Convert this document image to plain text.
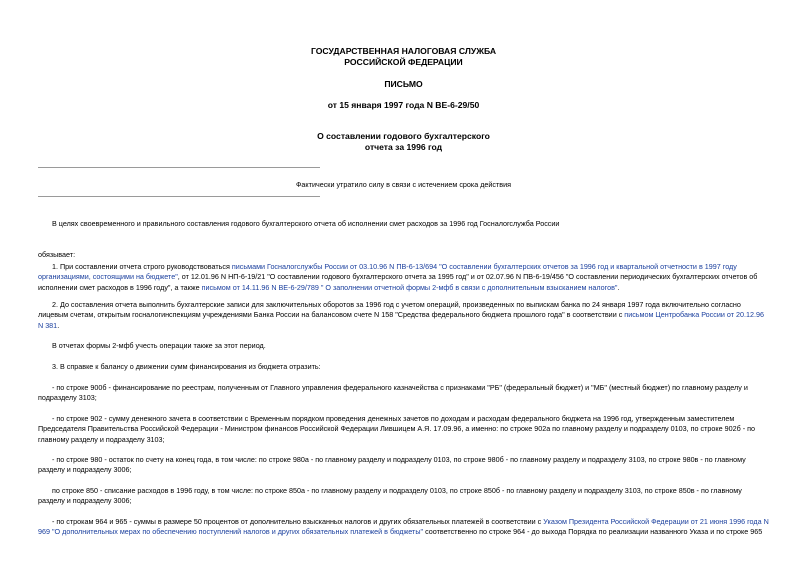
ГОСУДАРСТВЕННАЯ НАЛОГОВАЯ СЛУЖБА
РОССИЙСКОЙ ФЕДЕРАЦИИ
ПИСЬМО
от 15 января 1997 года N ВЕ-6-29/50
О составлении годового бухгалтерского
отчета за 1996 год
Фактически утратило силу в связи с истечением срока действия

В целях своевременного и правильного составления годового бухгалтерского отчета об исполнении смет расходов за 1996 год Госналогслужба России

обязывает:

1. При составлении отчета строго руководствоваться письмами Госналогслужбы России от 03.10.96 N ПВ-6-13/694 "О составлении бухгалтерских отчетов за 1996 год и квартальной отчетности в 1997 году организациями, состоящими на бюджете", от 12.01.96 N НП-6-19/21 "О составлении годового бухгалтерского отчета за 1995 год" и от 02.07.96 N ПВ-6-19/456 "О составлении периодических бухгалтерских отчетов об исполнении смет расходов в 1996 году", а также письмом от 14.11.96 N ВЕ-6-29/789 " О заполнении отчетной формы 2-мфб в связи с дополнительным взысканием налогов".

2. До составления отчета выполнить бухгалтерские записи для заключительных оборотов за 1996 год с учетом операций, произведенных по выпискам банка по 24 января 1997 года включительно согласно лицевым счетам, открытым госналогинспекциям учреждениями Банка России на балансовом счете N 158 "Средства федерального бюджета прошлого года" в соответствии с письмом Центробанка России от 20.12.96 N 381.

В отчетах формы 2-мфб учесть операции также за этот период.

3. В справке к балансу о движении сумм финансирования из бюджета отразить:

- по строке 900б - финансирование по реестрам, полученным от Главного управления федерального казначейства с признаками "РБ" (федеральный бюджет) и "МБ" (местный бюджет) по главному разделу и подразделу 3103;

- по строке 902 - сумму денежного зачета в соответствии с Временным порядком проведения денежных зачетов по доходам и расходам федерального бюджета на 1996 год, утвержденным заместителем Председателя Правительства Российской Федерации - Министром финансов Российской Федерации Лившицем А.Я. 17.09.96, а именно: по строке 902а по главному разделу и подразделу 0103, по строке 902б - по главному разделу и подразделу 3103;

- по строке 980 - остаток по счету на конец года, в том числе: по строке 980а - по главному разделу и подразделу 0103, по строке 980б - по главному разделу и подразделу 3103, по строке 980в - по главному разделу и подразделу 3006;

по строке 850 - списание расходов в 1996 году, в том числе: по строке 850а - по главному разделу и подразделу 0103, по строке 850б - по главному разделу и подразделу 3103, по строке 850в - по главному разделу и подразделу 3006;

- по строкам 964 и 965 - суммы в размере 50 процентов от дополнительно взысканных налогов и других обязательных платежей в соответствии с Указом Президента Российской Федерации от 21 июня 1996 года N 969 "О дополнительных мерах по обеспечению поступлений налогов и других обязательных платежей в бюджеты" соответственно по строке 964 - до выхода Порядка по реализации названного Указа и по строке 965
